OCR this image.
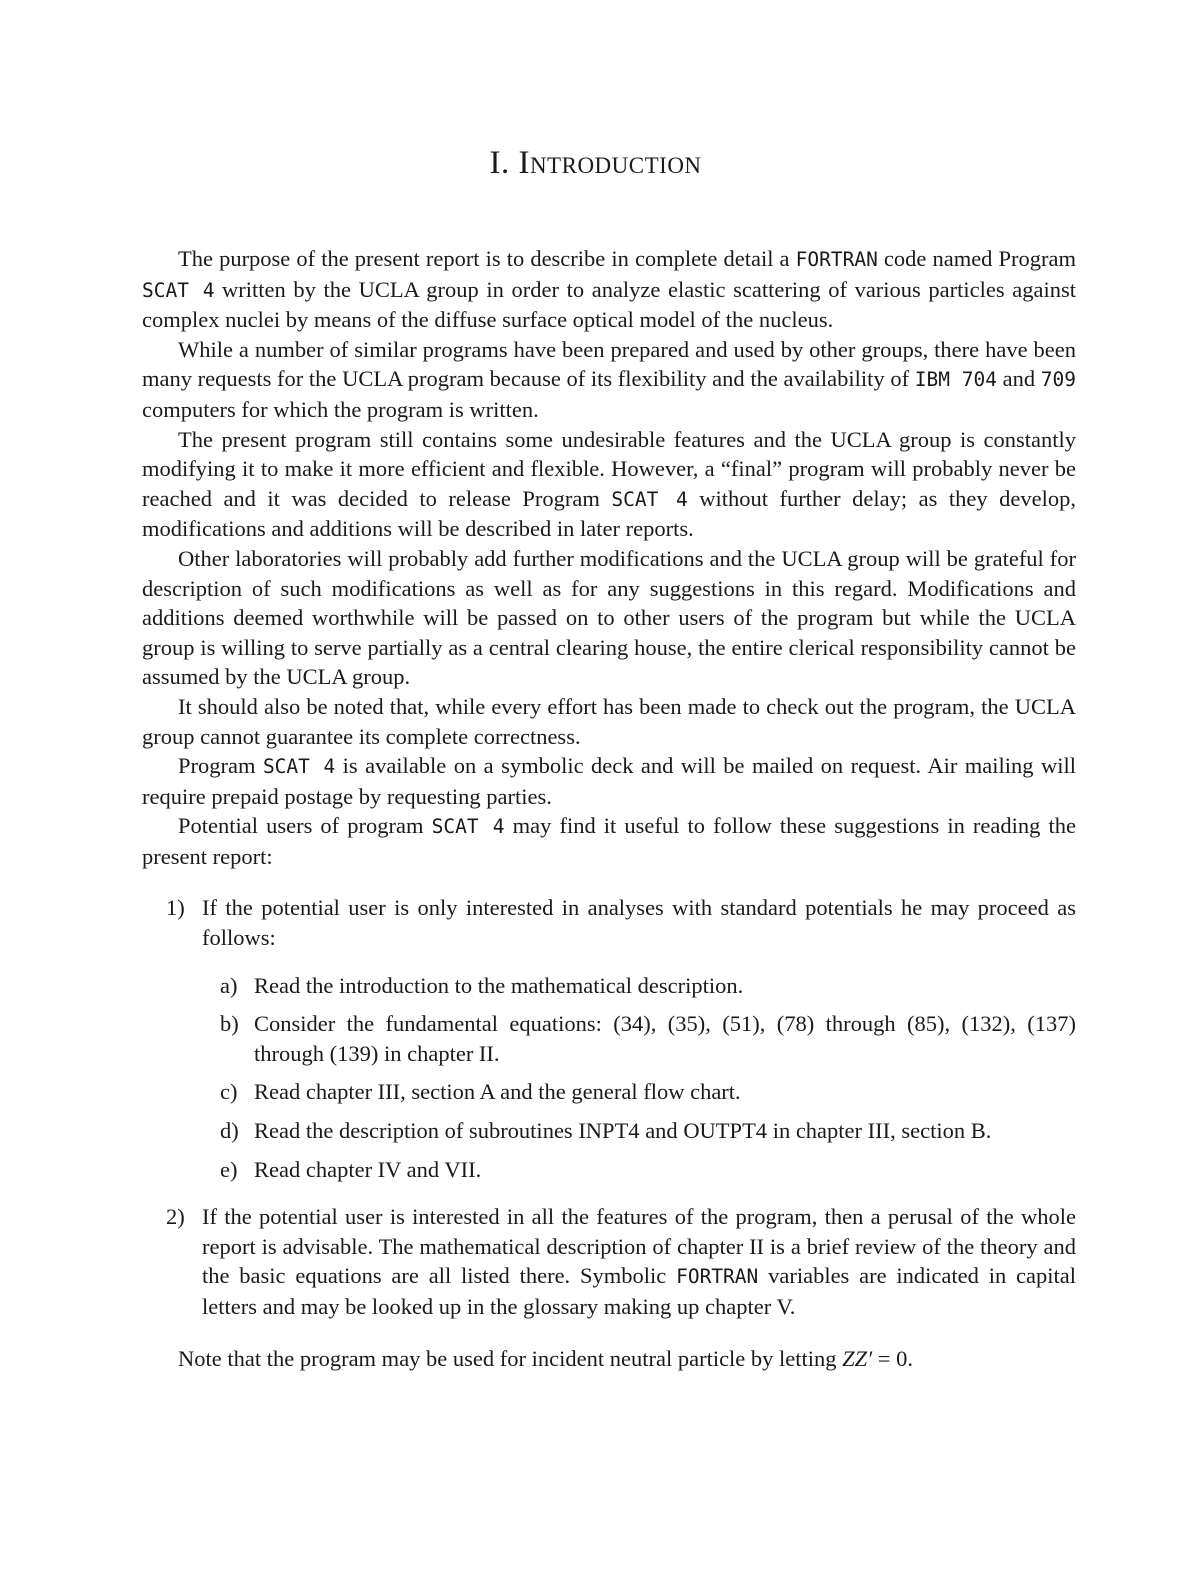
I. Introduction

The purpose of the present report is to describe in complete detail a FORTRAN code named Program SCAT 4 written by the UCLA group in order to analyze elastic scattering of various particles against complex nuclei by means of the diffuse surface optical model of the nucleus.

While a number of similar programs have been prepared and used by other groups, there have been many requests for the UCLA program because of its flexibility and the availability of IBM 704 and 709 computers for which the program is written.

The present program still contains some undesirable features and the UCLA group is constantly modifying it to make it more efficient and flexible. However, a “final” program will probably never be reached and it was decided to release Program SCAT 4 without further delay; as they develop, modifications and additions will be described in later reports.

Other laboratories will probably add further modifications and the UCLA group will be grateful for description of such modifications as well as for any suggestions in this regard. Modifications and additions deemed worthwhile will be passed on to other users of the program but while the UCLA group is willing to serve partially as a central clearing house, the entire clerical responsibility cannot be assumed by the UCLA group.

It should also be noted that, while every effort has been made to check out the program, the UCLA group cannot guarantee its complete correctness.

Program SCAT 4 is available on a symbolic deck and will be mailed on request. Air mailing will require prepaid postage by requesting parties.

Potential users of program SCAT 4 may find it useful to follow these suggestions in reading the present report:

1) If the potential user is only interested in analyses with standard potentials he may proceed as follows:
a) Read the introduction to the mathematical description.
b) Consider the fundamental equations: (34), (35), (51), (78) through (85), (132), (137) through (139) in chapter II.
c) Read chapter III, section A and the general flow chart.
d) Read the description of subroutines INPT4 and OUTPT4 in chapter III, section B.
e) Read chapter IV and VII.
2) If the potential user is interested in all the features of the program, then a perusal of the whole report is advisable. The mathematical description of chapter II is a brief review of the theory and the basic equations are all listed there. Symbolic FORTRAN variables are indicated in capital letters and may be looked up in the glossary making up chapter V.

Note that the program may be used for incident neutral particle by letting ZZ′ = 0.
